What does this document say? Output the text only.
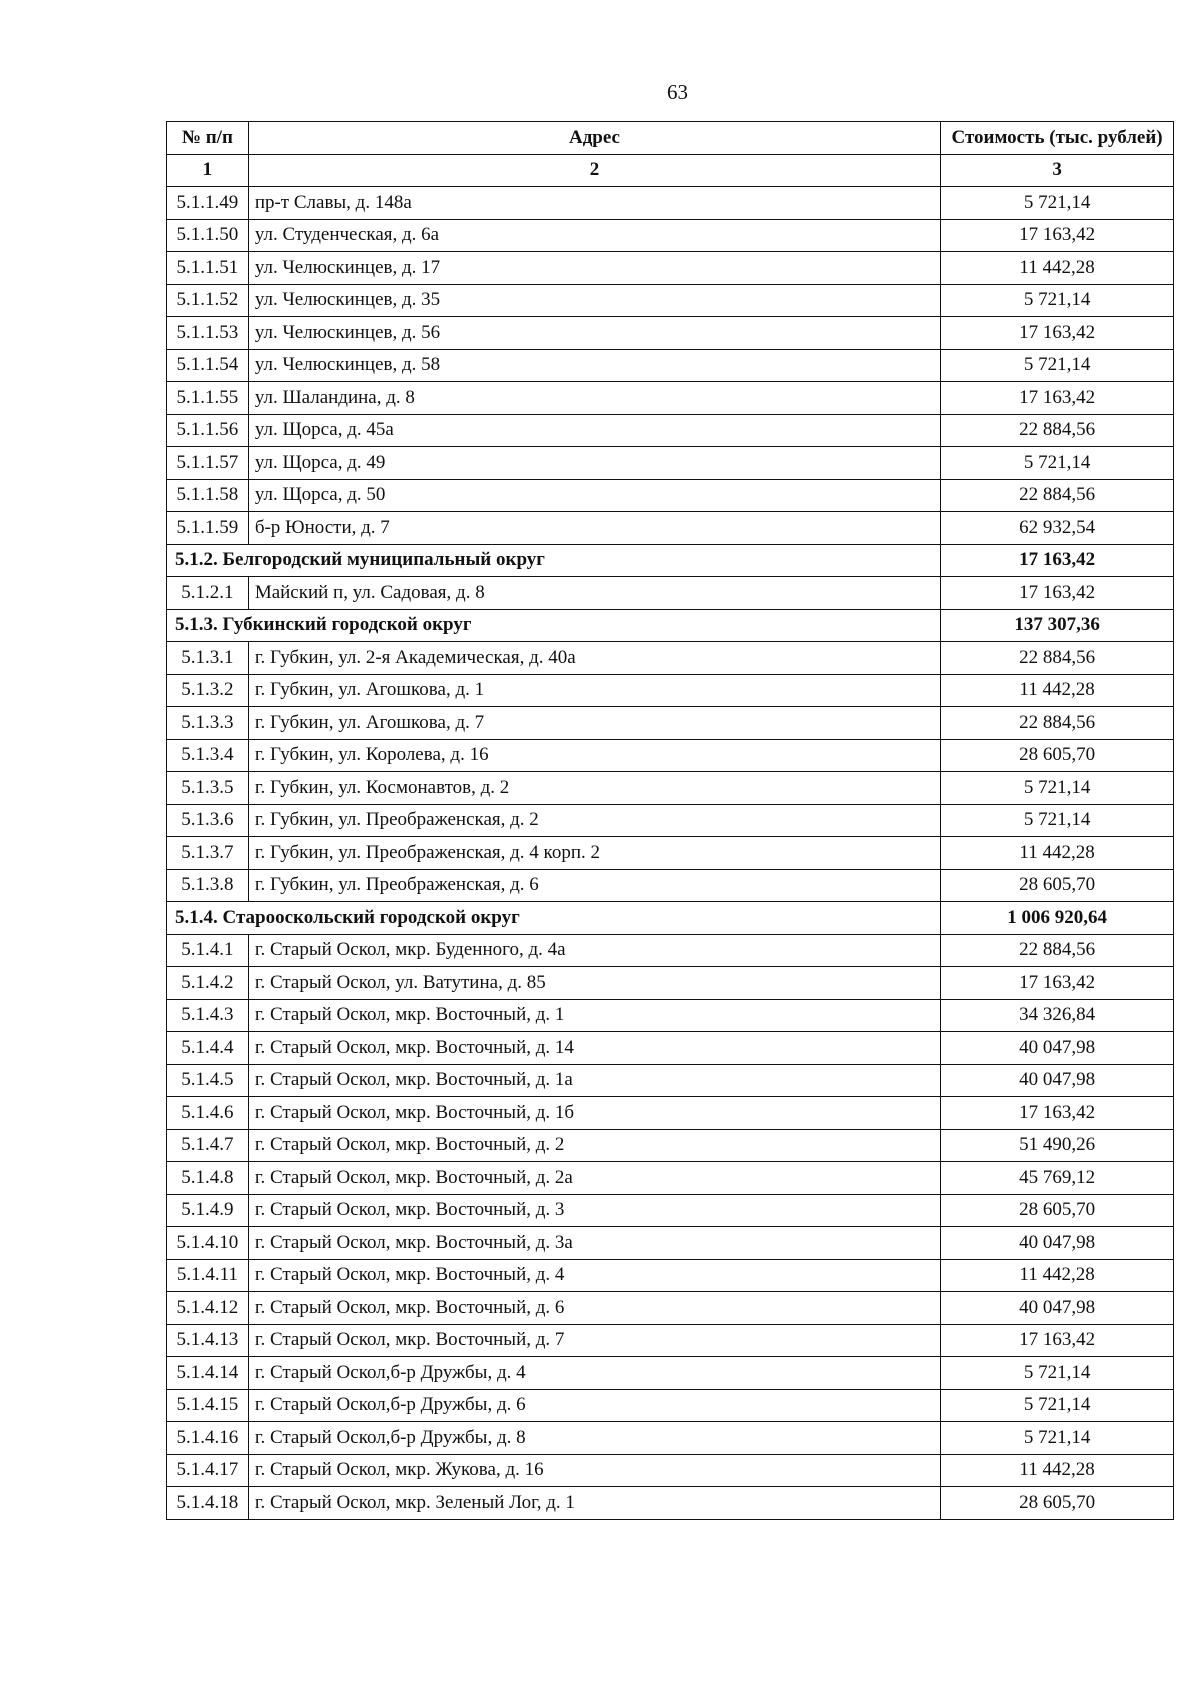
63
№ п/п	Адрес	Стоимость (тыс. рублей)
1	2	3
5.1.1.49	пр-т Славы, д. 148а	5 721,14
5.1.1.50	ул. Студенческая, д. 6а	17 163,42
5.1.1.51	ул. Челюскинцев, д. 17	11 442,28
5.1.1.52	ул. Челюскинцев, д. 35	5 721,14
5.1.1.53	ул. Челюскинцев, д. 56	17 163,42
5.1.1.54	ул. Челюскинцев, д. 58	5 721,14
5.1.1.55	ул. Шаландина, д. 8	17 163,42
5.1.1.56	ул. Щорса, д. 45а	22 884,56
5.1.1.57	ул. Щорса, д. 49	5 721,14
5.1.1.58	ул. Щорса, д. 50	22 884,56
5.1.1.59	б-р Юности, д. 7	62 932,54
5.1.2. Белгородский муниципальный округ		17 163,42
5.1.2.1	Майский п, ул. Садовая, д. 8	17 163,42
5.1.3. Губкинский городской округ		137 307,36
5.1.3.1	г. Губкин, ул. 2-я Академическая, д. 40а	22 884,56
5.1.3.2	г. Губкин, ул. Агошкова, д. 1	11 442,28
5.1.3.3	г. Губкин, ул. Агошкова, д. 7	22 884,56
5.1.3.4	г. Губкин, ул. Королева, д. 16	28 605,70
5.1.3.5	г. Губкин, ул. Космонавтов, д. 2	5 721,14
5.1.3.6	г. Губкин, ул. Преображенская, д. 2	5 721,14
5.1.3.7	г. Губкин, ул. Преображенская, д. 4 корп. 2	11 442,28
5.1.3.8	г. Губкин, ул. Преображенская, д. 6	28 605,70
5.1.4. Старооскольский городской округ		1 006 920,64
5.1.4.1	г. Старый Оскол, мкр. Буденного, д. 4а	22 884,56
5.1.4.2	г. Старый Оскол, ул. Ватутина, д. 85	17 163,42
5.1.4.3	г. Старый Оскол, мкр. Восточный, д. 1	34 326,84
5.1.4.4	г. Старый Оскол, мкр. Восточный, д. 14	40 047,98
5.1.4.5	г. Старый Оскол, мкр. Восточный, д. 1а	40 047,98
5.1.4.6	г. Старый Оскол, мкр. Восточный, д. 1б	17 163,42
5.1.4.7	г. Старый Оскол, мкр. Восточный, д. 2	51 490,26
5.1.4.8	г. Старый Оскол, мкр. Восточный, д. 2а	45 769,12
5.1.4.9	г. Старый Оскол, мкр. Восточный, д. 3	28 605,70
5.1.4.10	г. Старый Оскол, мкр. Восточный, д. 3а	40 047,98
5.1.4.11	г. Старый Оскол, мкр. Восточный, д. 4	11 442,28
5.1.4.12	г. Старый Оскол, мкр. Восточный, д. 6	40 047,98
5.1.4.13	г. Старый Оскол, мкр. Восточный, д. 7	17 163,42
5.1.4.14	г. Старый Оскол,б-р Дружбы, д. 4	5 721,14
5.1.4.15	г. Старый Оскол,б-р Дружбы, д. 6	5 721,14
5.1.4.16	г. Старый Оскол,б-р Дружбы, д. 8	5 721,14
5.1.4.17	г. Старый Оскол, мкр. Жукова, д. 16	11 442,28
5.1.4.18	г. Старый Оскол, мкр. Зеленый Лог, д. 1	28 605,70
